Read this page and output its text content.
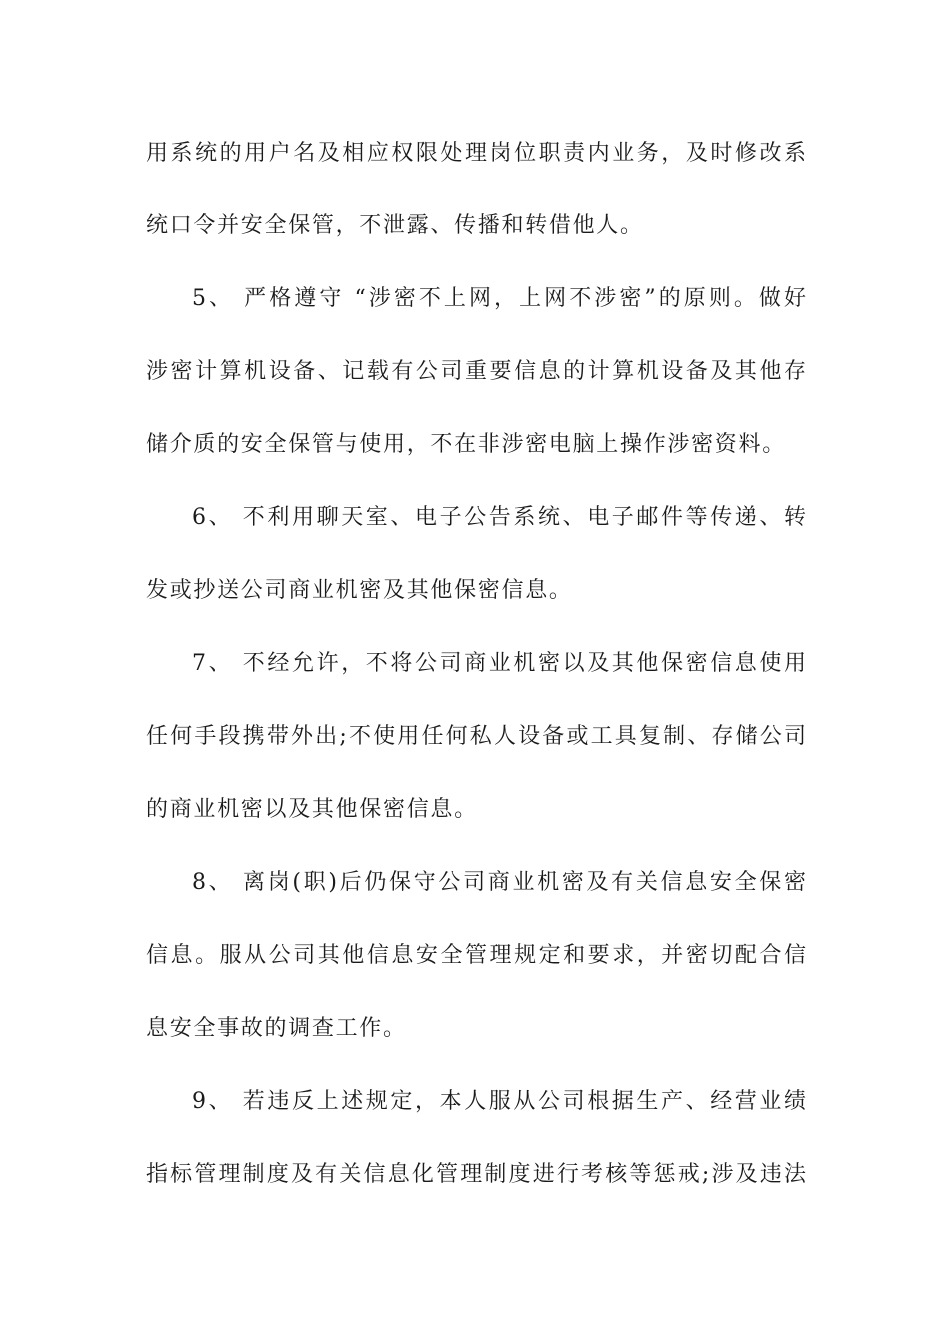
用系统的用户名及相应权限处理岗位职责内业务，及时修改系
统口令并安全保管，不泄露、传播和转借他人。
5、 严格遵守 “涉密不上网，上网不涉密”的原则。做好
涉密计算机设备、记载有公司重要信息的计算机设备及其他存
储介质的安全保管与使用，不在非涉密电脑上操作涉密资料。
6、 不利用聊天室、电子公告系统、电子邮件等传递、转
发或抄送公司商业机密及其他保密信息。
7、 不经允许，不将公司商业机密以及其他保密信息使用
任何手段携带外出;不使用任何私人设备或工具复制、存储公司
的商业机密以及其他保密信息。
8、 离岗(职)后仍保守公司商业机密及有关信息安全保密
信息。服从公司其他信息安全管理规定和要求，并密切配合信
息安全事故的调查工作。
9、 若违反上述规定，本人服从公司根据生产、经营业绩
指标管理制度及有关信息化管理制度进行考核等惩戒;涉及违法
